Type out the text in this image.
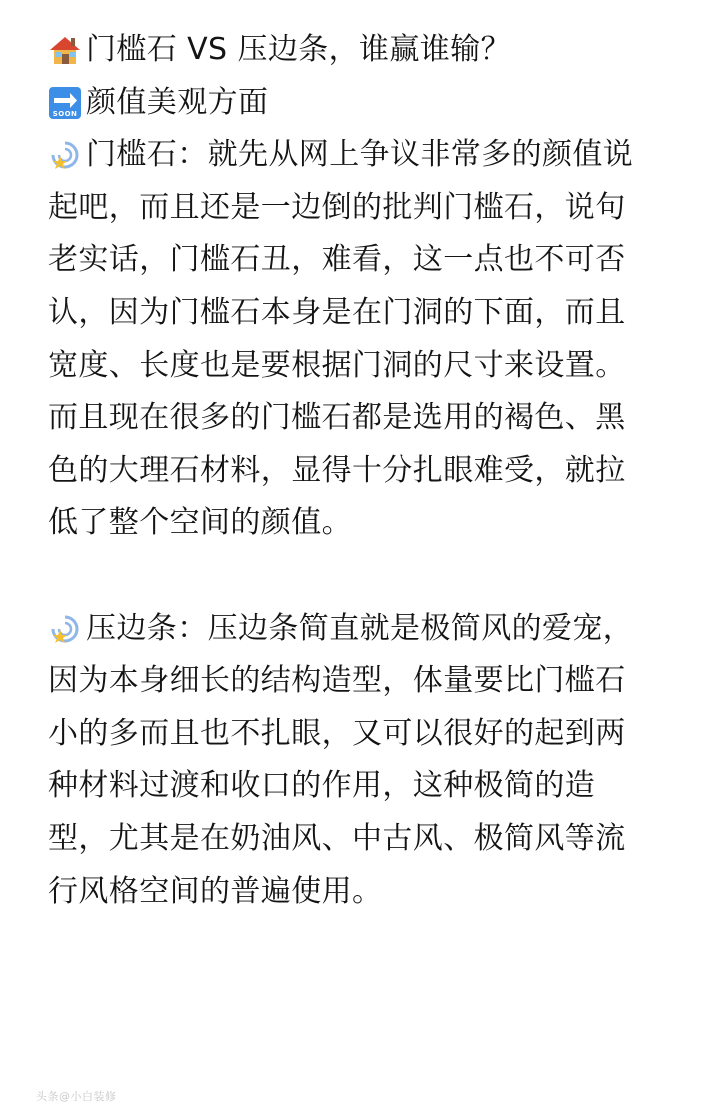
门槛石 VS 压边条，谁赢谁输？
SOON 颜值美观方面
门槛石：就先从网上争议非常多的颜值说
起吧，而且还是一边倒的批判门槛石，说句
老实话，门槛石丑，难看，这一点也不可否
认，因为门槛石本身是在门洞的下面，而且
宽度、长度也是要根据门洞的尺寸来设置。
而且现在很多的门槛石都是选用的褐色、黑
色的大理石材料，显得十分扎眼难受，就拉
低了整个空间的颜值。
压边条：压边条简直就是极简风的爱宠，
因为本身细长的结构造型，体量要比门槛石
小的多而且也不扎眼，又可以很好的起到两
种材料过渡和收口的作用，这种极简的造
型，尤其是在奶油风、中古风、极简风等流
行风格空间的普遍使用。
头条@小白装修
